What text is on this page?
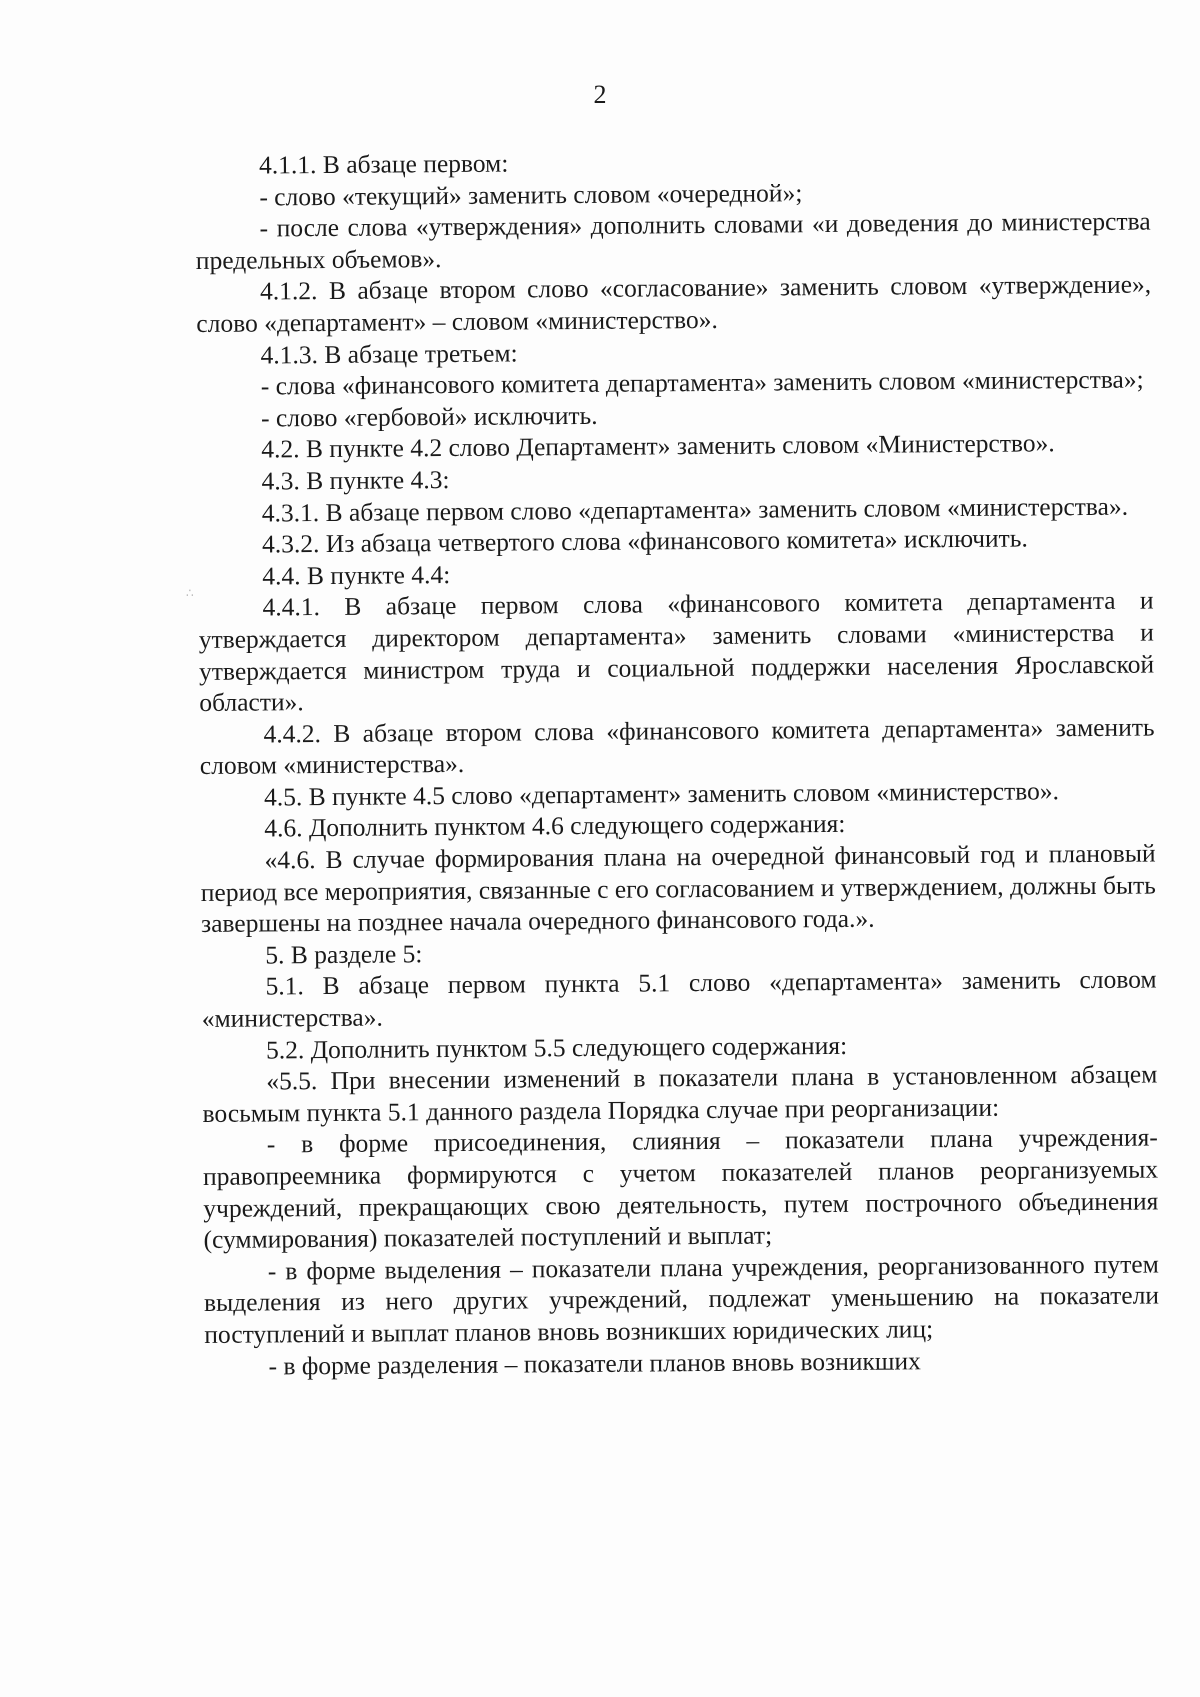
2
∴

4.1.1. В абзаце первом:

- слово «текущий» заменить словом «очередной»;

- после слова «утверждения» дополнить словами «и доведения до министерства предельных объемов».

4.1.2. В абзаце втором слово «согласование» заменить словом «утверждение», слово «департамент» – словом «министерство».

4.1.3. В абзаце третьем:

- слова «финансового комитета департамента» заменить словом «министерства»;

- слово «гербовой» исключить.

4.2. В пункте 4.2 слово Департамент» заменить словом «Министерство».

4.3. В пункте 4.3:

4.3.1. В абзаце первом слово «департамента» заменить словом «министерства».

4.3.2. Из абзаца четвертого слова «финансового комитета» исключить.

4.4. В пункте 4.4:

4.4.1. В абзаце первом слова «финансового комитета департамента и утверждается директором департамента» заменить словами «министерства и утверждается министром труда и социальной поддержки населения Ярославской области».

4.4.2. В абзаце втором слова «финансового комитета департамента» заменить словом «министерства».

4.5. В пункте 4.5 слово «департамент» заменить словом «министерство».

4.6. Дополнить пунктом 4.6 следующего содержания:

«4.6. В случае формирования плана на очередной финансовый год и плановый период все мероприятия, связанные с его согласованием и утверждением, должны быть завершены на позднее начала очередного финансового года.».

5. В разделе 5:

5.1. В абзаце первом пункта 5.1 слово «департамента» заменить словом «министерства».

5.2. Дополнить пунктом 5.5 следующего содержания:

«5.5. При внесении изменений в показатели плана в установленном абзацем восьмым пункта 5.1 данного раздела Порядка случае при реорганизации:

- в форме присоединения, слияния – показатели плана учреждения-правопреемника формируются с учетом показателей планов реорганизуемых учреждений, прекращающих свою деятельность, путем построчного объединения (суммирования) показателей поступлений и выплат;

- в форме выделения – показатели плана учреждения, реорганизованного путем выделения из него других учреждений, подлежат уменьшению на показатели поступлений и выплат планов вновь возникших юридических лиц;

- в форме разделения – показатели планов вновь возникших
